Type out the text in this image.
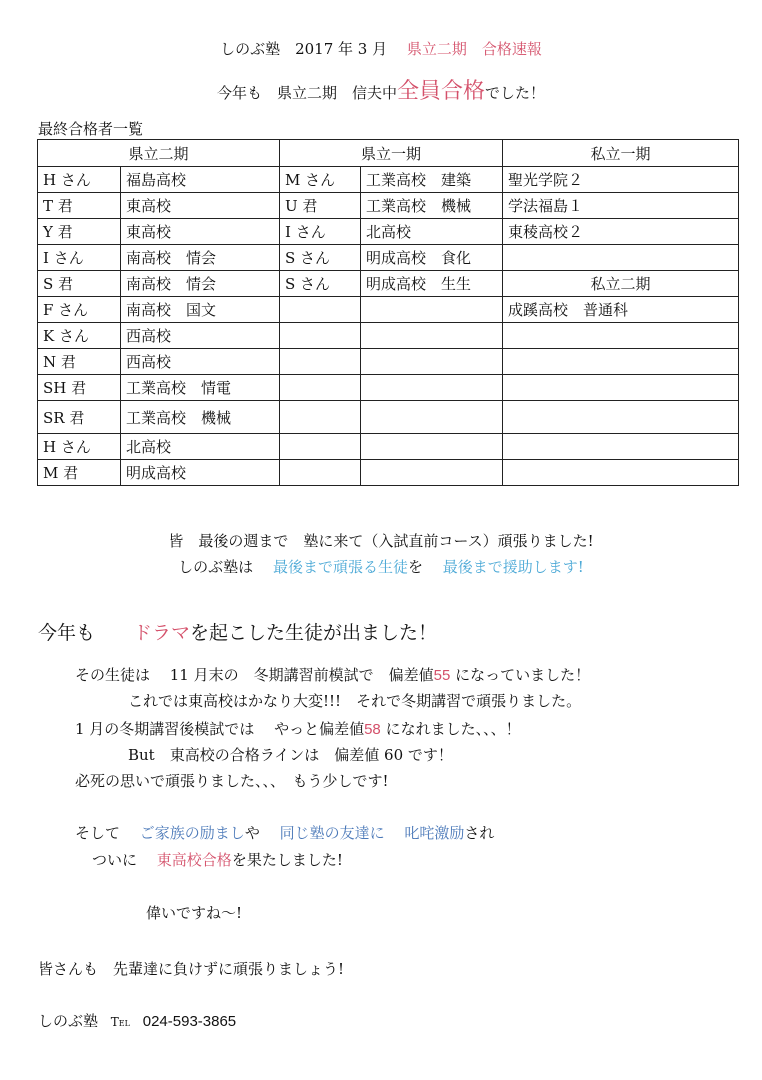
しのぶ塾　2017 年 3 月　 県立二期　合格速報
今年も　県立二期　信夫中全員合格でした！
最終合格者一覧
県立二期		県立一期		私立一期
H さん	福島高校	M さん	工業高校　建築	聖光学院２
T 君	東高校	U 君	工業高校　機械	学法福島１
Y 君	東高校	I さん	北高校	東稜高校２
I さん	南高校　情会	S さん	明成高校　食化	
S 君	南高校　情会	S さん	明成高校　生生	私立二期
F さん	南高校　国文			成蹊高校　普通科
K さん	西高校			
N 君	西高校			
SH 君	工業高校　情電			
SR 君	工業高校　機械			
H さん	北高校			
M 君	明成高校			
皆　最後の週まで　塾に来て（入試直前コース）頑張りました!
しのぶ塾は　 最後まで頑張る生徒を　 最後まで援助します!
今年も ドラマを起こした生徒が出ました！
その生徒は　 11 月末の　冬期講習前模試で　偏差値55 になっていました！
これでは東高校はかなり大変!!!　それで冬期講習で頑張りました。
1 月の冬期講習後模試では　 やっと偏差値58 になれました、、、！
But　東高校の合格ラインは　偏差値 60 です！
必死の思いで頑張りました、、、　もう少しです!
そして　 ご家族の励ましや　 同じ塾の友達に　 叱咤激励され
ついに　 東高校合格を果たしました!
偉いですね～!
皆さんも　先輩達に負けずに頑張りましょう!
しのぶ塾 Tel 024-593-3865
